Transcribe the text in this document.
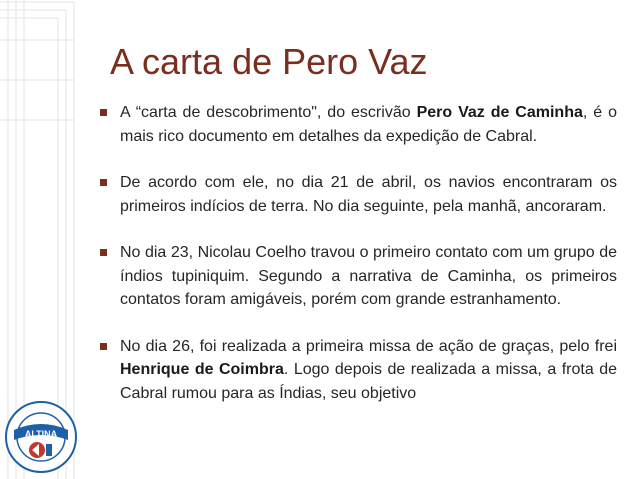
A carta de Pero Vaz
A “carta de descobrimento", do escrivão Pero Vaz de Caminha, é o mais rico documento em detalhes da expedição de Cabral.
De acordo com ele, no dia 21 de abril, os navios encontraram os primeiros indícios de terra. No dia seguinte, pela manhã, ancoraram.
No dia 23, Nicolau Coelho travou o primeiro contato com um grupo de índios tupiniquim. Segundo a narrativa de Caminha, os primeiros contatos foram amigáveis, porém com grande estranhamento.
No dia 26, foi realizada a primeira missa de ação de graças, pelo frei Henrique de Coimbra. Logo depois de realizada a missa, a frota de Cabral rumou para as Índias, seu objetivo
ALTINA
